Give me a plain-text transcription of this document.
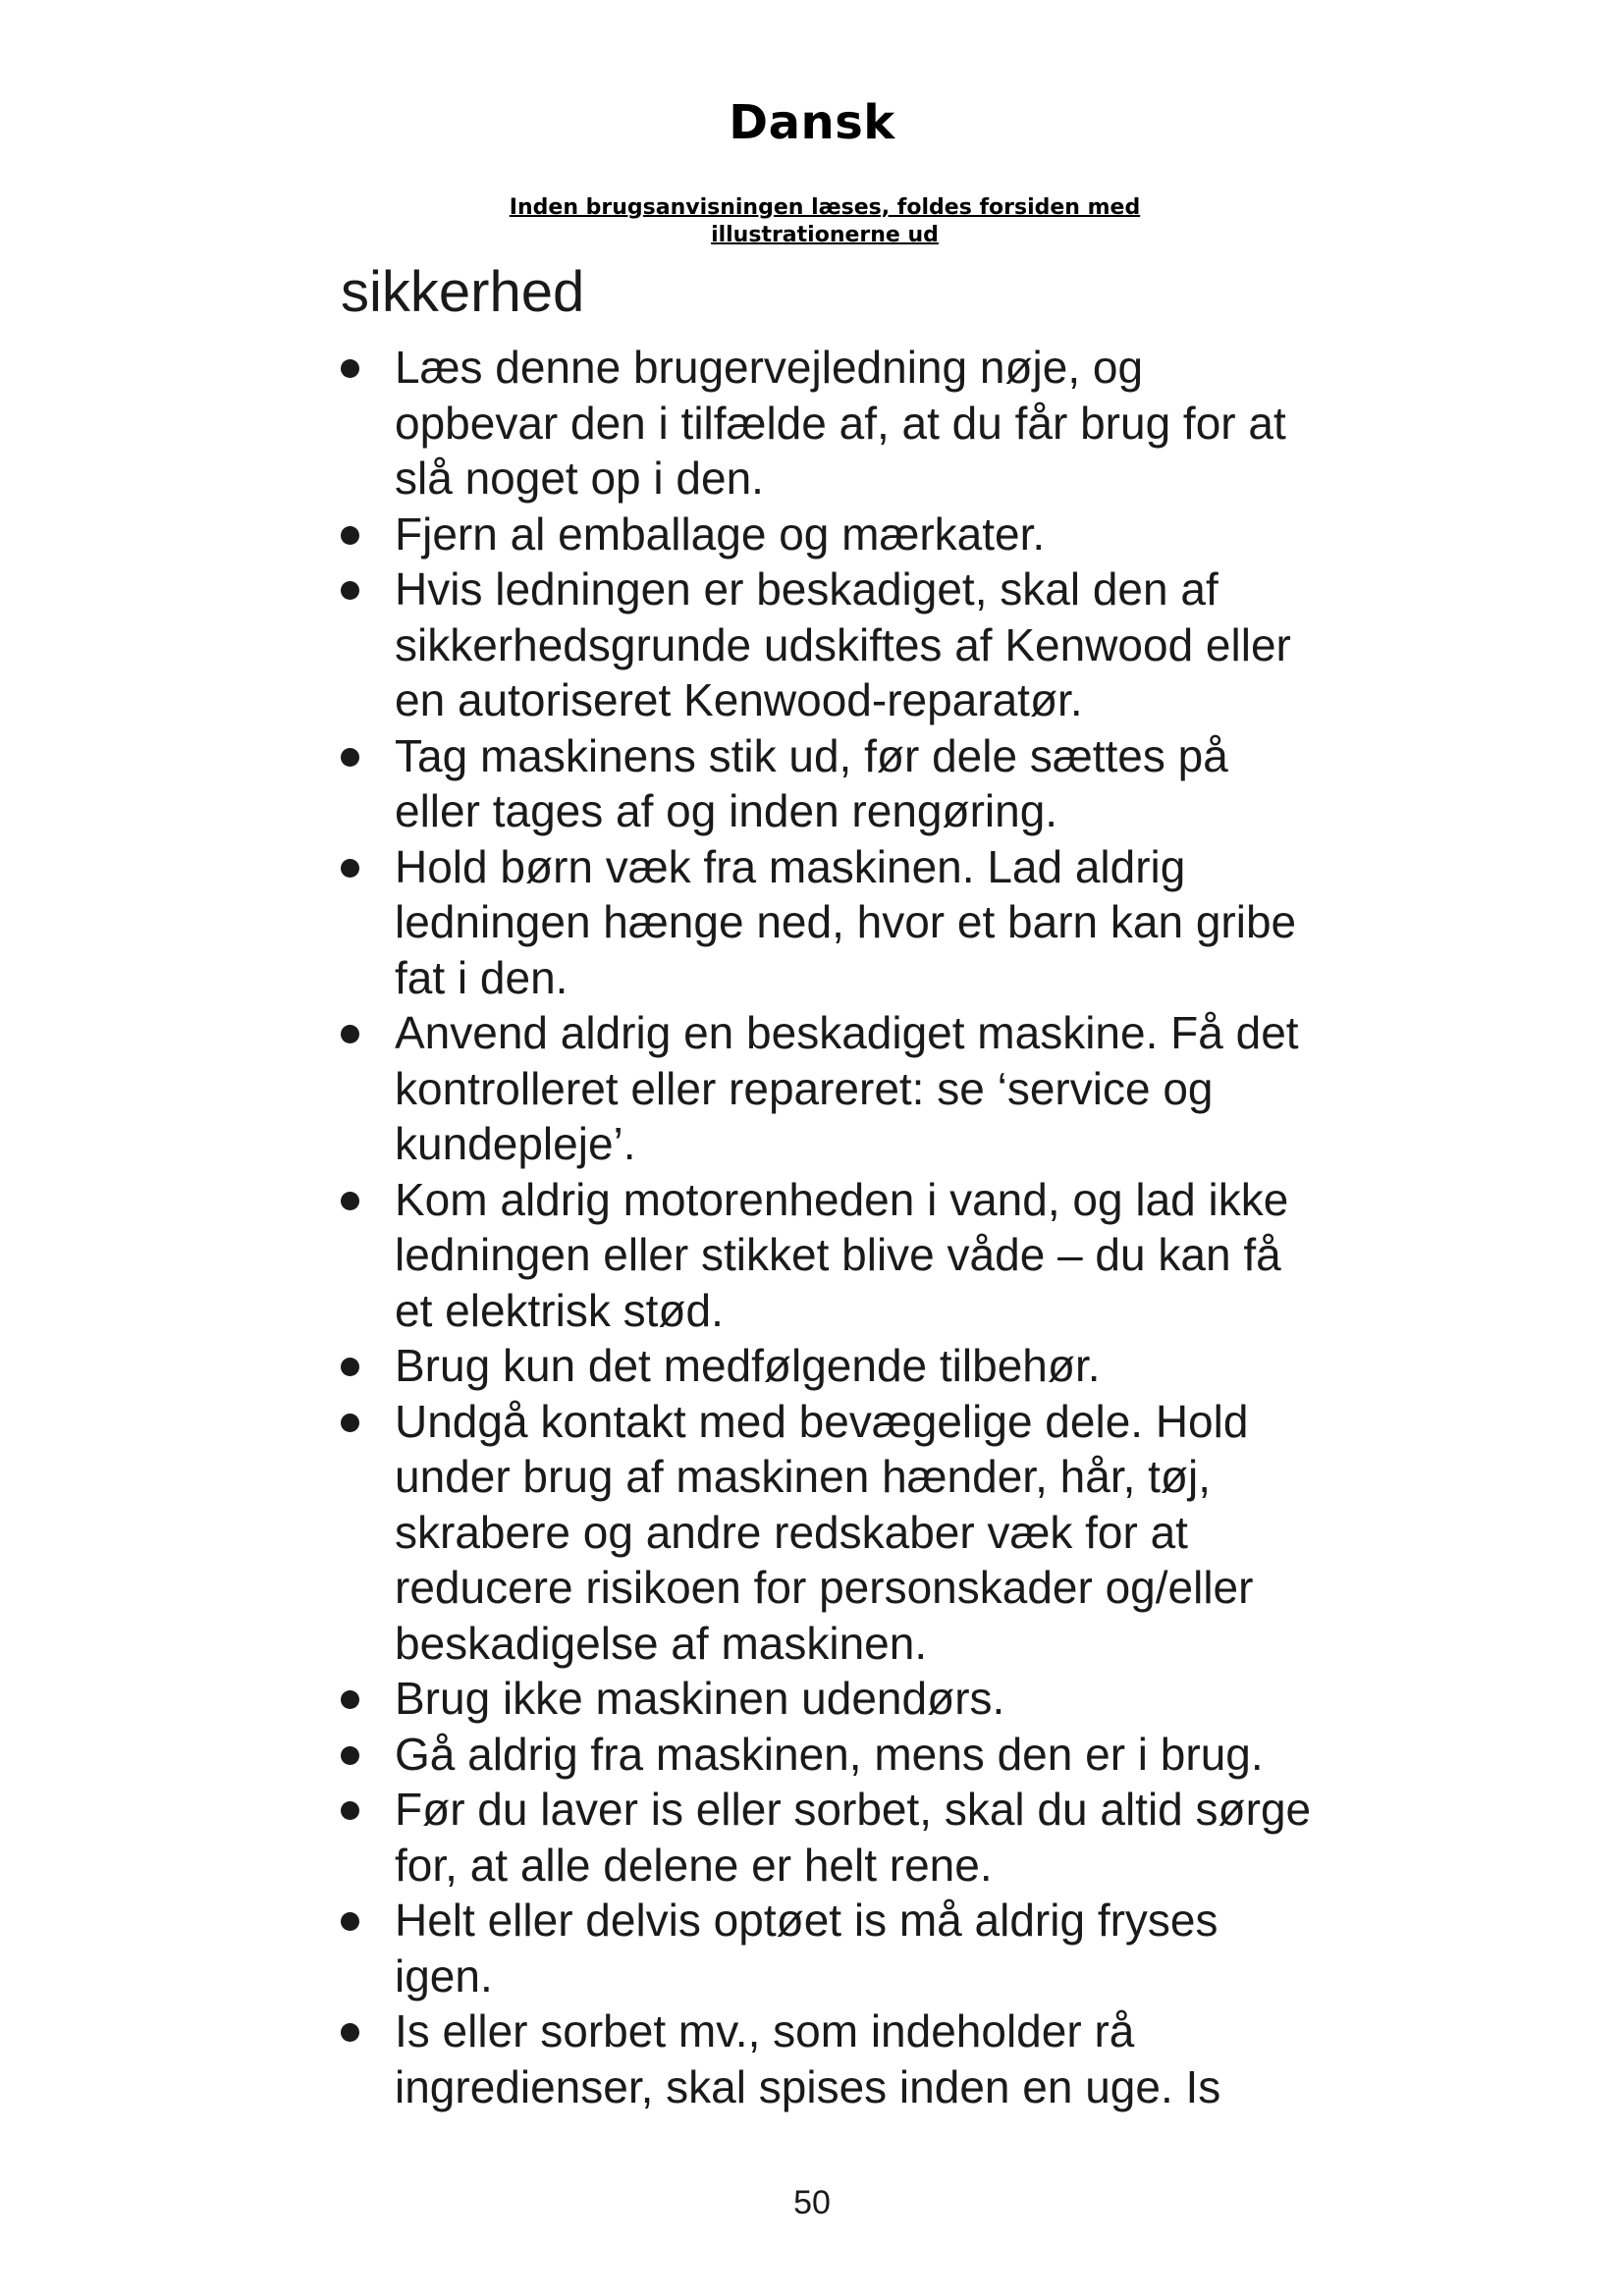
Dansk
Inden brugsanvisningen læses, foldes forsiden med illustrationerne ud
sikkerhed
Læs denne brugervejledning nøje, og opbevar den i tilfælde af, at du får brug for at slå noget op i den.
Fjern al emballage og mærkater.
Hvis ledningen er beskadiget, skal den af sikkerhedsgrunde udskiftes af Kenwood eller en autoriseret Kenwood-reparatør.
Tag maskinens stik ud, før dele sættes på eller tages af og inden rengøring.
Hold børn væk fra maskinen. Lad aldrig ledningen hænge ned, hvor et barn kan gribe fat i den.
Anvend aldrig en beskadiget maskine. Få det kontrolleret eller repareret: se ‘service og kundepleje’.
Kom aldrig motorenheden i vand, og lad ikke ledningen eller stikket blive våde – du kan få et elektrisk stød.
Brug kun det medfølgende tilbehør.
Undgå kontakt med bevægelige dele. Hold under brug af maskinen hænder, hår, tøj, skrabere og andre redskaber væk for at reducere risikoen for personskader og/eller beskadigelse af maskinen.
Brug ikke maskinen udendørs.
Gå aldrig fra maskinen, mens den er i brug.
Før du laver is eller sorbet, skal du altid sørge for, at alle delene er helt rene.
Helt eller delvis optøet is må aldrig fryses igen.
Is eller sorbet mv., som indeholder rå ingredienser, skal spises inden en uge. Is
50
